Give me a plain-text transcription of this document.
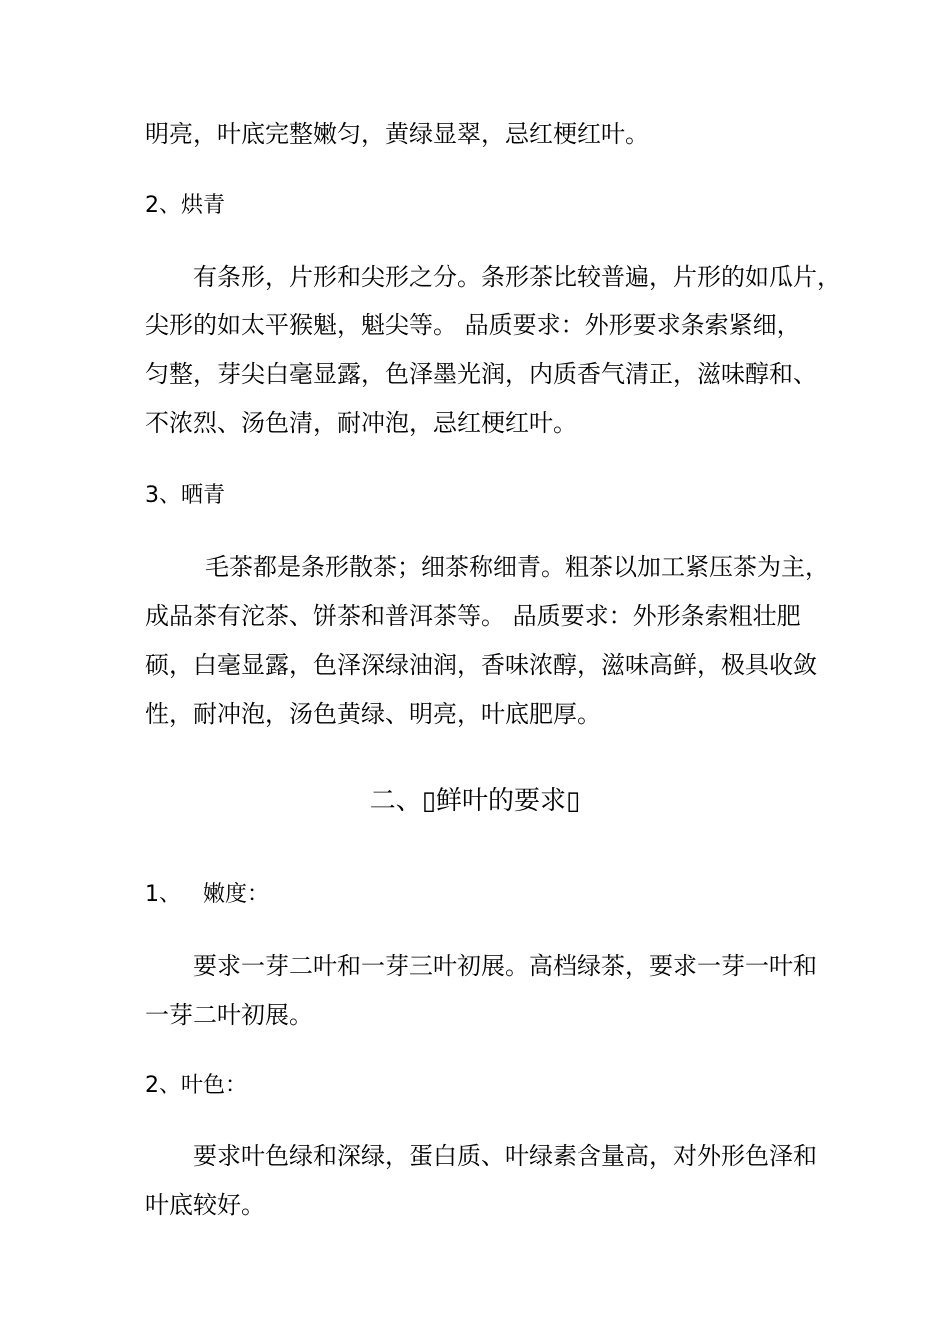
明亮，叶底完整嫩匀，黄绿显翠，忌红梗红叶。
2、烘青
有条形，片形和尖形之分。条形茶比较普遍，片形的如瓜片，
尖形的如太平猴魁，魁尖等。 品质要求：外形要求条索紧细，
匀整，芽尖白毫显露，色泽墨光润，内质香气清正，滋味醇和、
不浓烈、汤色清，耐冲泡，忌红梗红叶。
3、晒青
毛茶都是条形散茶；细茶称细青。粗茶以加工紧压茶为主，
成品茶有沱茶、饼茶和普洱茶等。 品质要求：外形条索粗壮肥
硕，白毫显露，色泽深绿油润，香味浓醇，滋味高鲜，极具收敛
性，耐冲泡，汤色黄绿、明亮，叶底肥厚。
二、▯鲜叶的要求▯
1、 嫩度：
要求一芽二叶和一芽三叶初展。高档绿茶，要求一芽一叶和
一芽二叶初展。
2、叶色：
要求叶色绿和深绿，蛋白质、叶绿素含量高，对外形色泽和
叶底较好。
